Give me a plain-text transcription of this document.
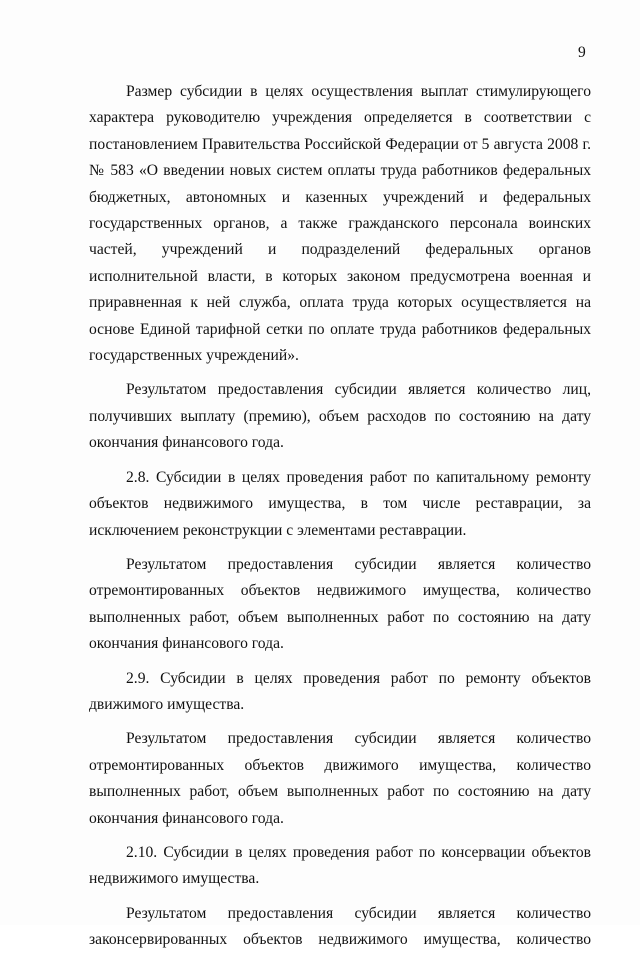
9

Размер субсидии в целях осуществления выплат стимулирующего характера руководителю учреждения определяется в соответствии с постановлением Правительства Российской Федерации от 5 августа 2008 г. № 583 «О введении новых систем оплаты труда работников федеральных бюджетных, автономных и казенных учреждений и федеральных государственных органов, а также гражданского персонала воинских частей, учреждений и подразделений федеральных органов исполнительной власти, в которых законом предусмотрена военная и приравненная к ней служба, оплата труда которых осуществляется на основе Единой тарифной сетки по оплате труда работников федеральных государственных учреждений».

Результатом предоставления субсидии является количество лиц, получивших выплату (премию), объем расходов по состоянию на дату окончания финансового года.

2.8. Субсидии в целях проведения работ по капитальному ремонту объектов недвижимого имущества, в том числе реставрации, за исключением реконструкции с элементами реставрации.

Результатом предоставления субсидии является количество отремонтированных объектов недвижимого имущества, количество выполненных работ, объем выполненных работ по состоянию на дату окончания финансового года.

2.9. Субсидии в целях проведения работ по ремонту объектов движимого имущества.

Результатом предоставления субсидии является количество отремонтированных объектов движимого имущества, количество выполненных работ, объем выполненных работ по состоянию на дату окончания финансового года.

2.10. Субсидии в целях проведения работ по консервации объектов недвижимого имущества.

Результатом предоставления субсидии является количество законсервированных объектов недвижимого имущества, количество
